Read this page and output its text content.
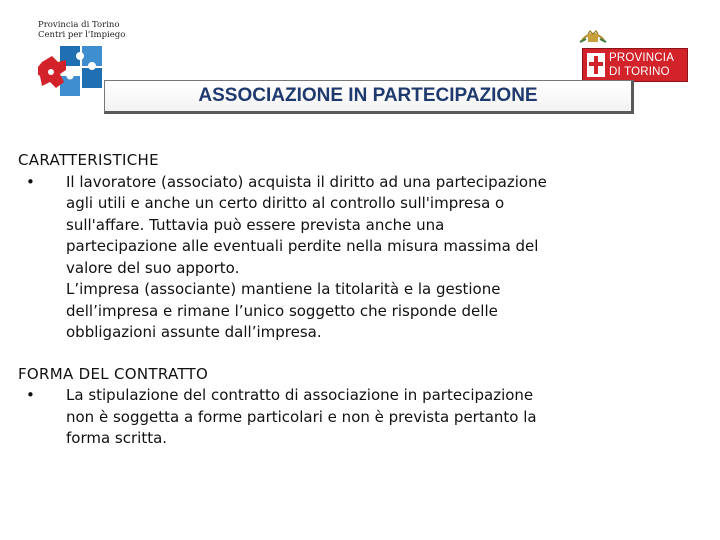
Provincia di Torino
Centri per l'Impiego
PROVINCIA
DI TORINO
ASSOCIAZIONE IN PARTECIPAZIONE
CARATTERISTICHE
• Il lavoratore (associato) acquista il diritto ad una partecipazione
agli utili e anche un certo diritto al controllo sull'impresa o
sull'affare. Tuttavia può essere prevista anche una
partecipazione alle eventuali perdite nella misura massima del
valore del suo apporto.
L’impresa (associante) mantiene la titolarità e la gestione
dell’impresa e rimane l’unico soggetto che risponde delle
obbligazioni assunte dall’impresa.
FORMA DEL CONTRATTO
• La stipulazione del contratto di associazione in partecipazione
non è soggetta a forme particolari e non è prevista pertanto la
forma scritta.
